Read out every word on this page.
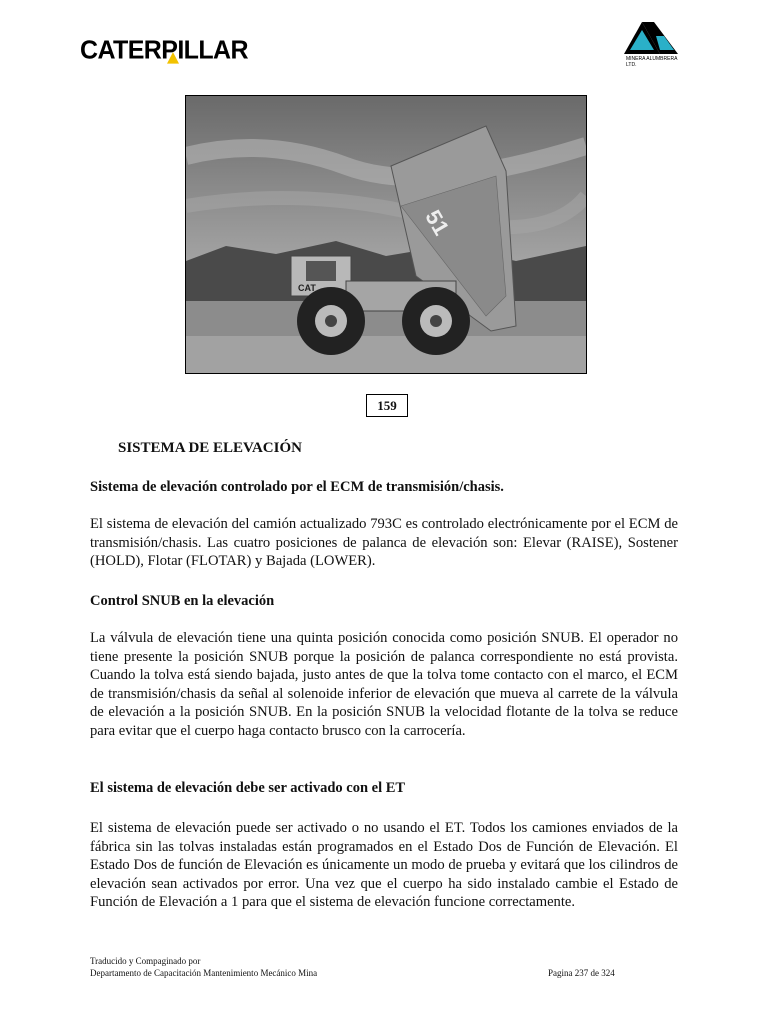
CATERPILLAR	MINERA ALUMBRERA LTD.
51
CAT
159
SISTEMA DE ELEVACIÓN
Sistema de elevación controlado por el ECM de transmisión/chasis.

El sistema de elevación del camión actualizado 793C es controlado electrónicamente por el ECM de transmisión/chasis. Las cuatro posiciones de palanca de elevación son: Elevar (RAISE), Sostener (HOLD), Flotar (FLOTAR) y Bajada (LOWER).

Control SNUB en la elevación

La válvula de elevación tiene una quinta posición conocida como posición SNUB. El operador no tiene presente la posición SNUB porque la posición de palanca correspondiente no está provista. Cuando la tolva está siendo bajada, justo antes de que la tolva tome contacto con el marco, el ECM de transmisión/chasis da señal al solenoide inferior de elevación que mueva al carrete de la válvula de elevación a la posición SNUB. En la posición SNUB la velocidad flotante de la tolva se reduce para evitar que el cuerpo haga contacto brusco con la carrocería.

El sistema de elevación debe ser activado con el ET

El sistema de elevación puede ser activado o no usando el ET. Todos los camiones enviados de la fábrica sin las tolvas instaladas están programados en el Estado Dos de Función de Elevación. El Estado Dos de función de Elevación es únicamente un modo de prueba y evitará que los cilindros de elevación sean activados por error. Una vez que el cuerpo ha sido instalado cambie el Estado de Función de Elevación a 1 para que el sistema de elevación funcione correctamente.

Traducido y Compaginado por
Departamento de Capacitación Mantenimiento Mecánico Mina	Pagina 237 de 324
